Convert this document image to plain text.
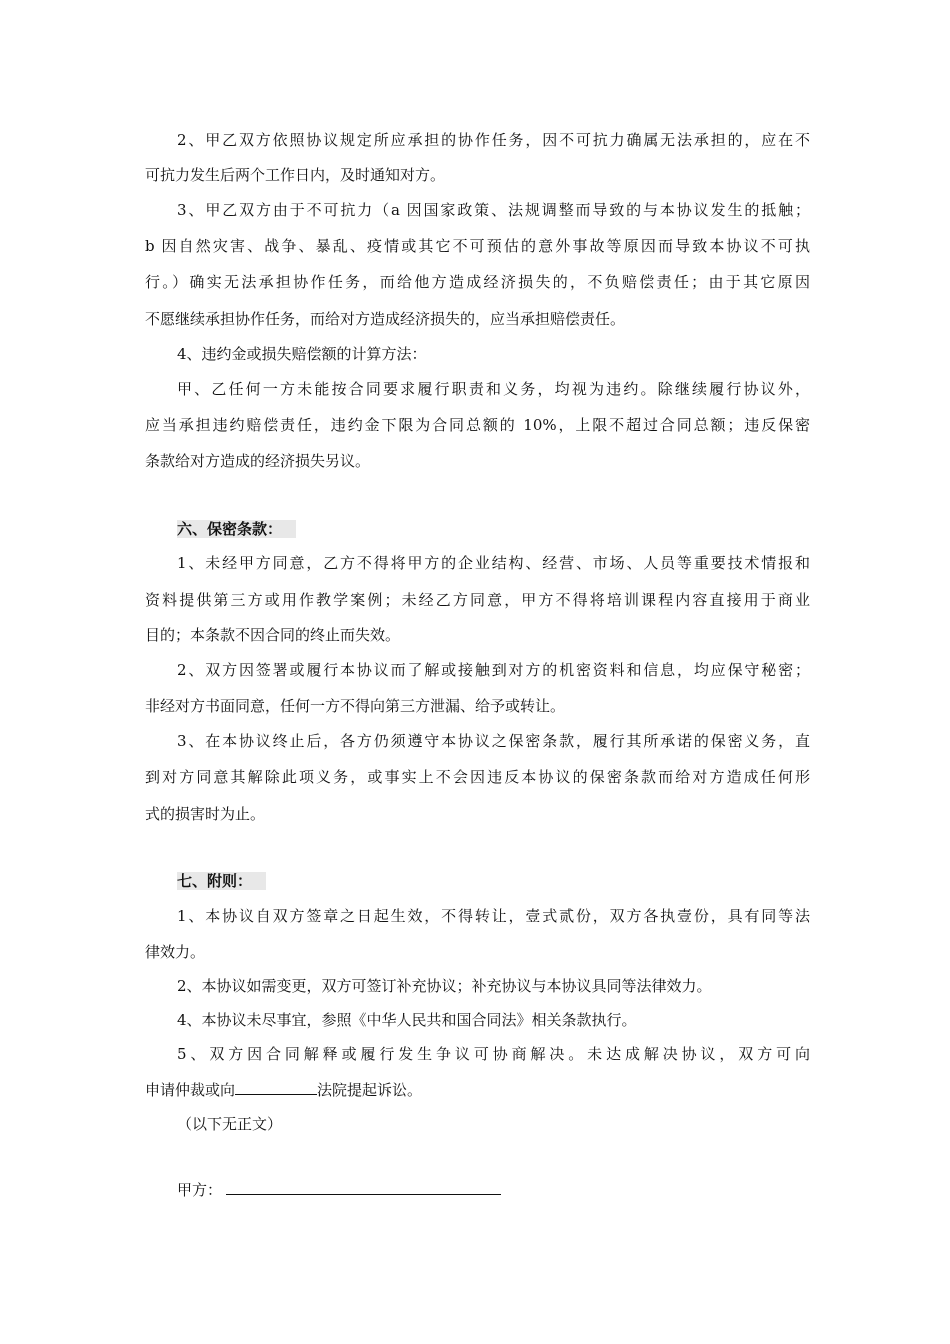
2、甲乙双方依照协议规定所应承担的协作任务，因不可抗力确属无法承担的，应在不
可抗力发生后两个工作日内，及时通知对方。
3、甲乙双方由于不可抗力（a 因国家政策、法规调整而导致的与本协议发生的抵触；
b 因自然灾害、战争、暴乱、疫情或其它不可预估的意外事故等原因而导致本协议不可执
行。）确实无法承担协作任务，而给他方造成经济损失的，不负赔偿责任；由于其它原因
不愿继续承担协作任务，而给对方造成经济损失的，应当承担赔偿责任。
4、违约金或损失赔偿额的计算方法：
甲、乙任何一方未能按合同要求履行职责和义务，均视为违约。除继续履行协议外，
应当承担违约赔偿责任，违约金下限为合同总额的 10%，上限不超过合同总额；违反保密
条款给对方造成的经济损失另议。
六、保密条款：
1、未经甲方同意，乙方不得将甲方的企业结构、经营、市场、人员等重要技术情报和
资料提供第三方或用作教学案例；未经乙方同意，甲方不得将培训课程内容直接用于商业
目的；本条款不因合同的终止而失效。
2、双方因签署或履行本协议而了解或接触到对方的机密资料和信息，均应保守秘密；
非经对方书面同意，任何一方不得向第三方泄漏、给予或转让。
3、在本协议终止后，各方仍须遵守本协议之保密条款，履行其所承诺的保密义务，直
到对方同意其解除此项义务，或事实上不会因违反本协议的保密条款而给对方造成任何形
式的损害时为止。
七、附则：
1、本协议自双方签章之日起生效，不得转让，壹式贰份，双方各执壹份，具有同等法
律效力。
2、本协议如需变更，双方可签订补充协议；补充协议与本协议具同等法律效力。
4、本协议未尽事宜，参照《中华人民共和国合同法》相关条款执行。
5、双方因合同解释或履行发生争议可协商解决。未达成解决协议，双方可向
申请仲裁或向	法院提起诉讼。
（以下无正文）
甲方：
